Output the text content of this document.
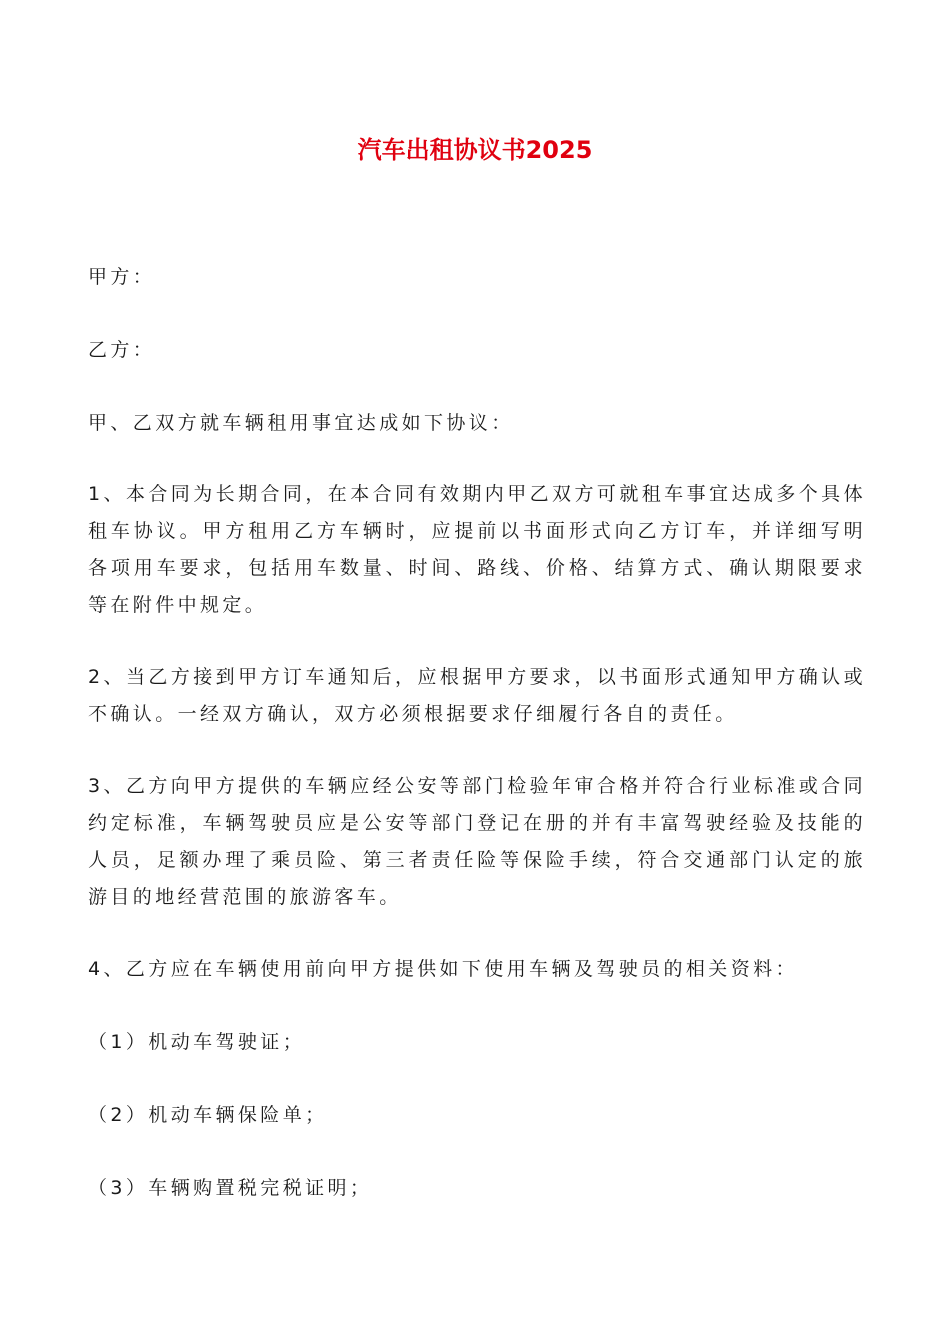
汽车出租协议书2025

甲方：

乙方：

甲、乙双方就车辆租用事宜达成如下协议：

1、本合同为长期合同，在本合同有效期内甲乙双方可就租车事宜达成多个具体租车协议。甲方租用乙方车辆时，应提前以书面形式向乙方订车，并详细写明各项用车要求，包括用车数量、时间、路线、价格、结算方式、确认期限要求等在附件中规定。

2、当乙方接到甲方订车通知后，应根据甲方要求，以书面形式通知甲方确认或不确认。一经双方确认，双方必须根据要求仔细履行各自的责任。

3、乙方向甲方提供的车辆应经公安等部门检验年审合格并符合行业标准或合同约定标准，车辆驾驶员应是公安等部门登记在册的并有丰富驾驶经验及技能的人员，足额办理了乘员险、第三者责任险等保险手续，符合交通部门认定的旅游目的地经营范围的旅游客车。

4、乙方应在车辆使用前向甲方提供如下使用车辆及驾驶员的相关资料：

（1）机动车驾驶证；

（2）机动车辆保险单；

（3）车辆购置税完税证明；
